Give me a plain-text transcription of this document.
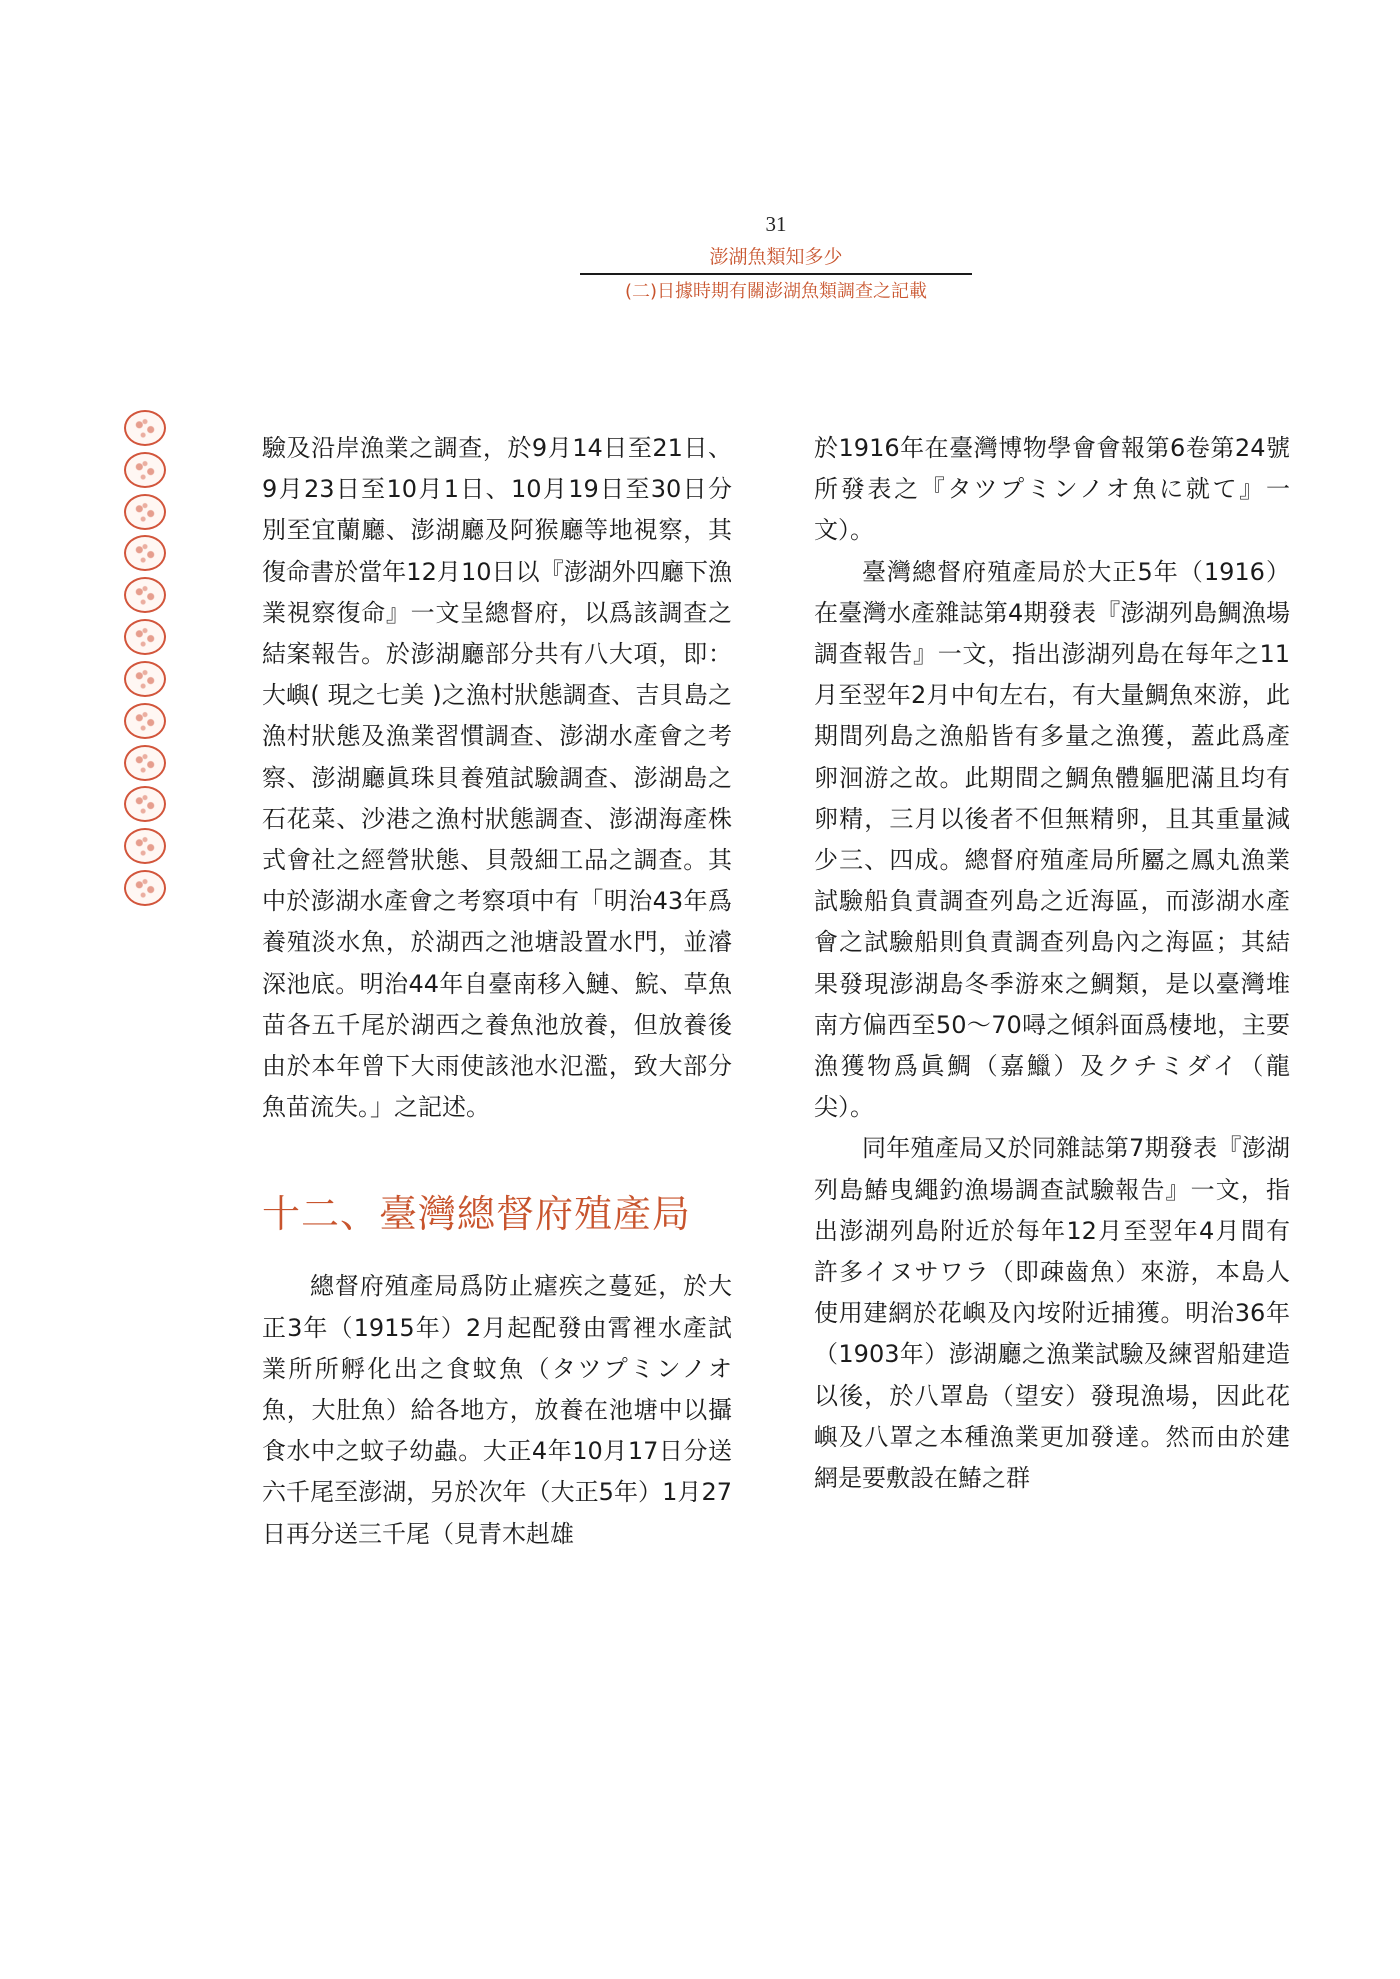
31
澎湖魚類知多少
(二)日據時期有關澎湖魚類調查之記載

驗及沿岸漁業之調查，於9月14日至21日、9月23日至10月1日、10月19日至30日分別至宜蘭廳、澎湖廳及阿猴廳等地視察，其復命書於當年12月10日以『澎湖外四廳下漁業視察復命』一文呈總督府，以爲該調查之結案報告。於澎湖廳部分共有八大項，即：大嶼( 現之七美 )之漁村狀態調查、吉貝島之漁村狀態及漁業習慣調查、澎湖水產會之考察、澎湖廳眞珠貝養殖試驗調查、澎湖島之石花菜、沙港之漁村狀態調查、澎湖海產株式會社之經營狀態、貝殼細工品之調查。其中於澎湖水產會之考察項中有「明治43年爲養殖淡水魚，於湖西之池塘設置水門，並濬深池底。明治44年自臺南移入鰱、鯇、草魚苗各五千尾於湖西之養魚池放養，但放養後由於本年曾下大雨使該池水氾濫，致大部分魚苗流失。」之記述。

十二、臺灣總督府殖產局

總督府殖產局爲防止瘧疾之蔓延，於大正3年（1915年）2月起配發由霄裡水產試業所所孵化出之食蚊魚（タツプミンノオ魚，大肚魚）給各地方，放養在池塘中以攝食水中之蚊子幼蟲。大正4年10月17日分送六千尾至澎湖，另於次年（大正5年）1月27日再分送三千尾（見青木赳雄

於1916年在臺灣博物學會會報第6卷第24號所發表之『タツプミンノオ魚に就て』一文）。

臺灣總督府殖產局於大正5年（1916）在臺灣水產雜誌第4期發表『澎湖列島鯛漁場調查報告』一文，指出澎湖列島在每年之11月至翌年2月中旬左右，有大量鯛魚來游，此期間列島之漁船皆有多量之漁獲，蓋此爲產卵洄游之故。此期間之鯛魚體軀肥滿且均有卵精，三月以後者不但無精卵，且其重量減少三、四成。總督府殖產局所屬之鳳丸漁業試驗船負責調查列島之近海區，而澎湖水產會之試驗船則負責調查列島內之海區；其結果發現澎湖島冬季游來之鯛類，是以臺灣堆南方偏西至50～70噚之傾斜面爲棲地，主要漁獲物爲眞鯛（嘉鱲）及クチミダイ（龍尖）。

同年殖產局又於同雜誌第7期發表『澎湖列島鰆曳繩釣漁場調查試驗報告』一文，指出澎湖列島附近於每年12月至翌年4月間有許多イヌサワラ（即疎齒魚）來游，本島人使用建網於花嶼及內垵附近捕獲。明治36年（1903年）澎湖廳之漁業試驗及練習船建造以後，於八罩島（望安）發現漁場，因此花嶼及八罩之本種漁業更加發達。然而由於建網是要敷設在鰆之群
